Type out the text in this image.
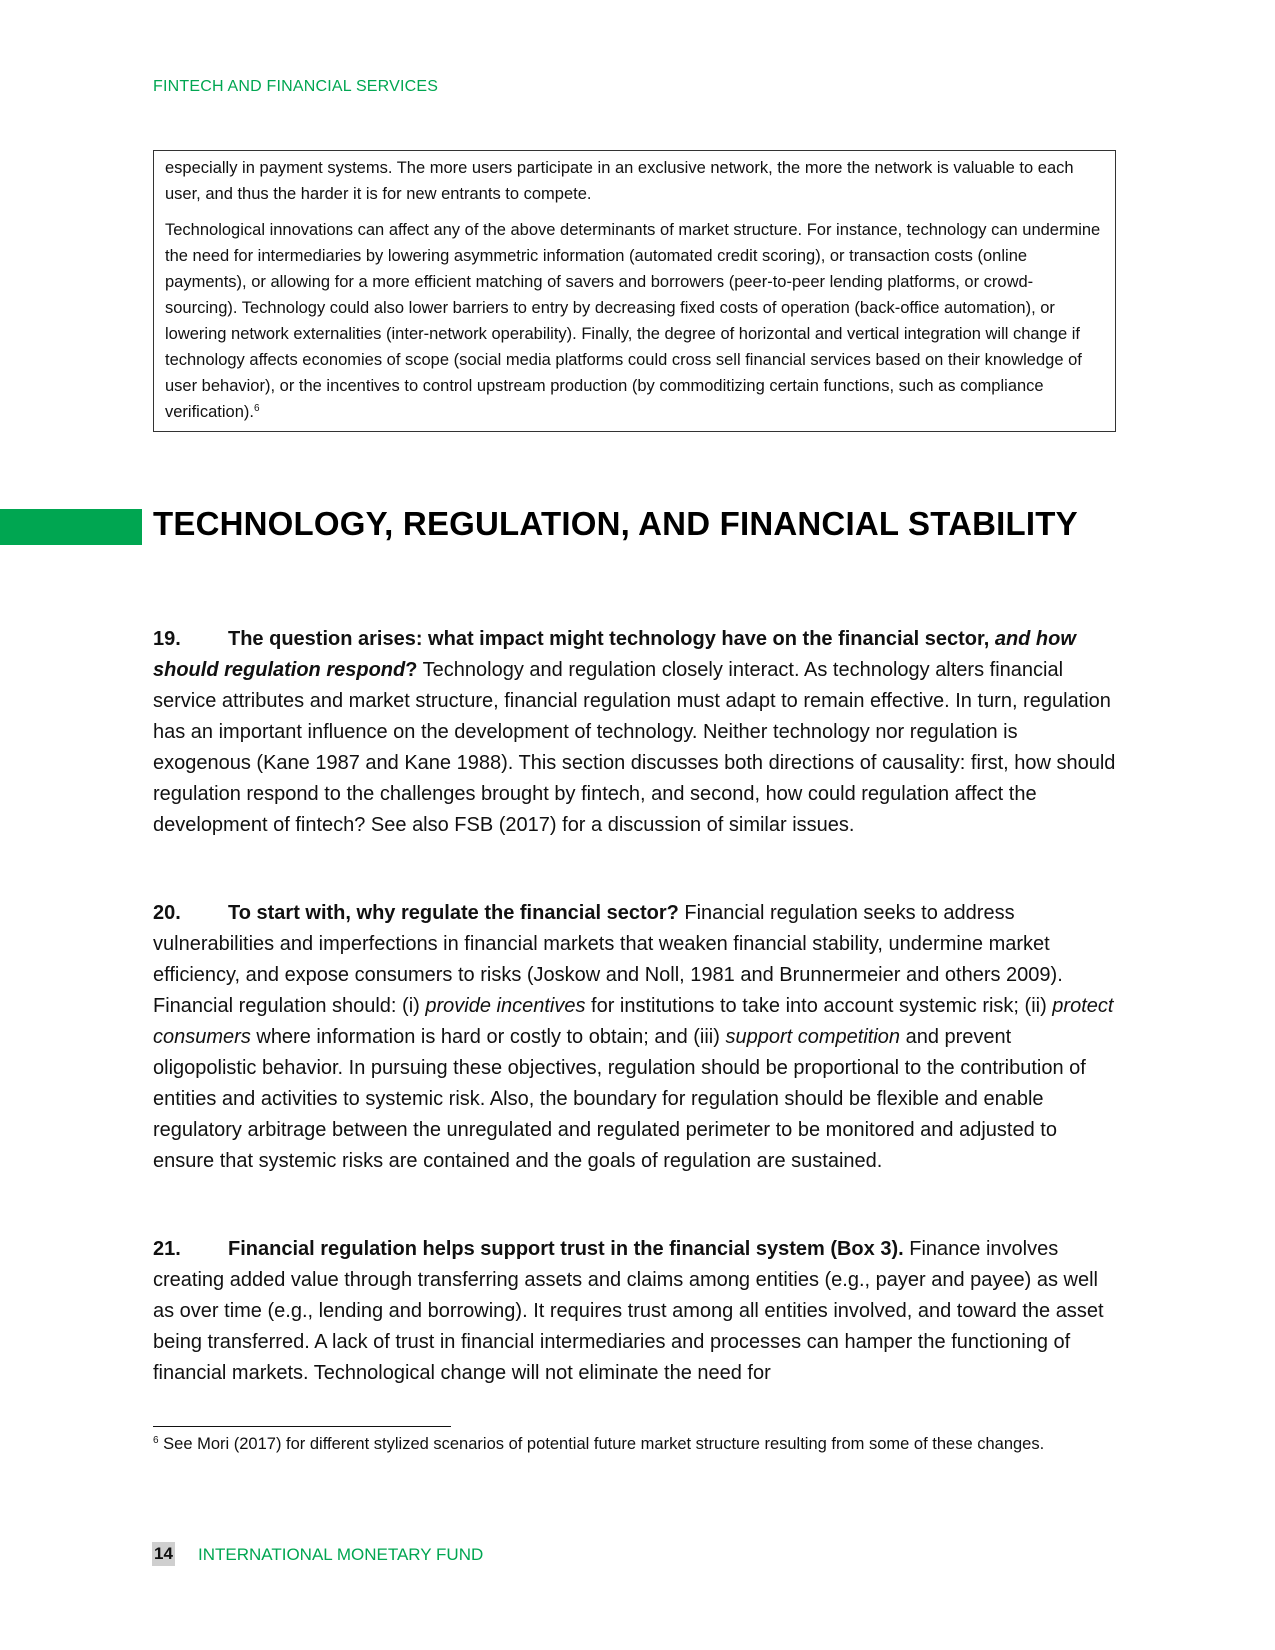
FINTECH AND FINANCIAL SERVICES

especially in payment systems. The more users participate in an exclusive network, the more the network is valuable to each user, and thus the harder it is for new entrants to compete.

Technological innovations can affect any of the above determinants of market structure. For instance, technology can undermine the need for intermediaries by lowering asymmetric information (automated credit scoring), or transaction costs (online payments), or allowing for a more efficient matching of savers and borrowers (peer-to-peer lending platforms, or crowd-sourcing). Technology could also lower barriers to entry by decreasing fixed costs of operation (back-office automation), or lowering network externalities (inter-network operability). Finally, the degree of horizontal and vertical integration will change if technology affects economies of scope (social media platforms could cross sell financial services based on their knowledge of user behavior), or the incentives to control upstream production (by commoditizing certain functions, such as compliance verification).$^6$

TECHNOLOGY, REGULATION, AND FINANCIAL STABILITY

19. The question arises: what impact might technology have on the financial sector, and how should regulation respond? Technology and regulation closely interact. As technology alters financial service attributes and market structure, financial regulation must adapt to remain effective. In turn, regulation has an important influence on the development of technology. Neither technology nor regulation is exogenous (Kane 1987 and Kane 1988). This section discusses both directions of causality: first, how should regulation respond to the challenges brought by fintech, and second, how could regulation affect the development of fintech? See also FSB (2017) for a discussion of similar issues.

20. To start with, why regulate the financial sector? Financial regulation seeks to address vulnerabilities and imperfections in financial markets that weaken financial stability, undermine market efficiency, and expose consumers to risks (Joskow and Noll, 1981 and Brunnermeier and others 2009). Financial regulation should: (i) provide incentives for institutions to take into account systemic risk; (ii) protect consumers where information is hard or costly to obtain; and (iii) support competition and prevent oligopolistic behavior. In pursuing these objectives, regulation should be proportional to the contribution of entities and activities to systemic risk. Also, the boundary for regulation should be flexible and enable regulatory arbitrage between the unregulated and regulated perimeter to be monitored and adjusted to ensure that systemic risks are contained and the goals of regulation are sustained.

21. Financial regulation helps support trust in the financial system (Box 3). Finance involves creating added value through transferring assets and claims among entities (e.g., payer and payee) as well as over time (e.g., lending and borrowing). It requires trust among all entities involved, and toward the asset being transferred. A lack of trust in financial intermediaries and processes can hamper the functioning of financial markets. Technological change will not eliminate the need for

$^6$ See Mori (2017) for different stylized scenarios of potential future market structure resulting from some of these changes.

14 INTERNATIONAL MONETARY FUND
